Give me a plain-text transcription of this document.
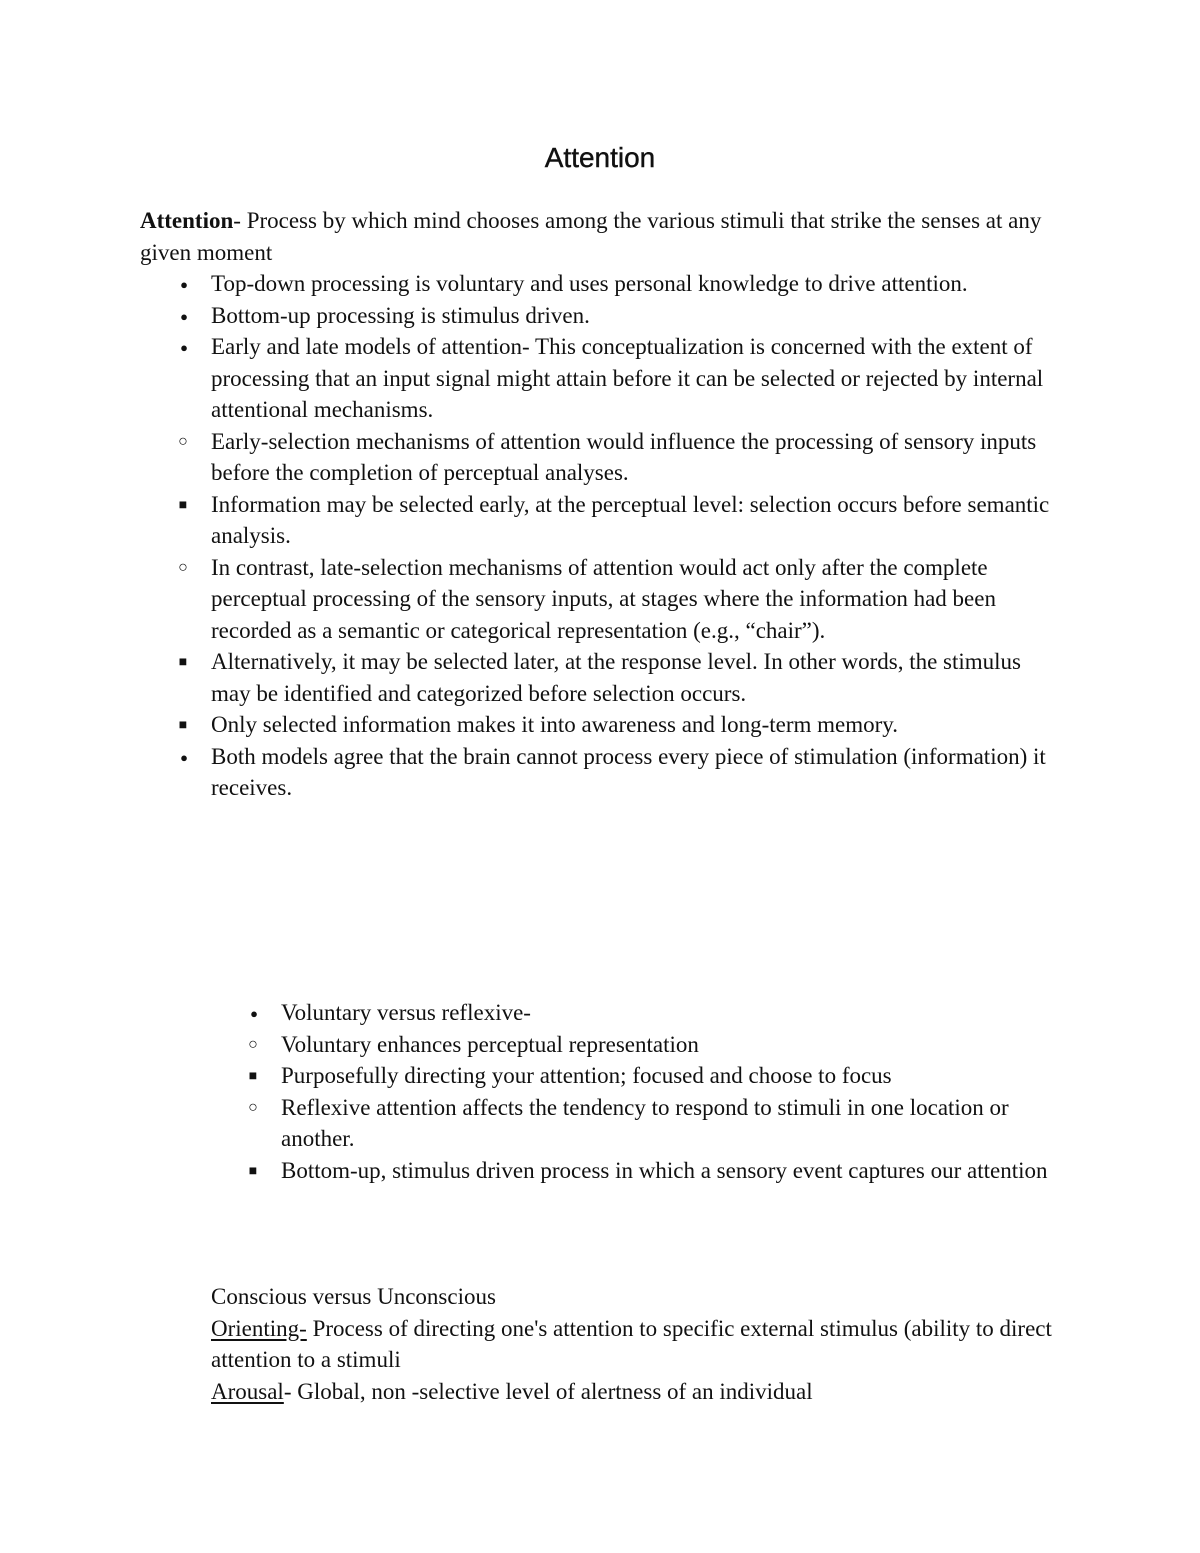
Attention

Attention- Process by which mind chooses among the various stimuli that strike the senses at any given moment

●	Top-down processing is voluntary and uses personal knowledge to drive attention.
●	Bottom-up processing is stimulus driven.
●	Early and late models of attention- This conceptualization is concerned with the extent of processing that an input signal might attain before it can be selected or rejected by internal attentional mechanisms.
○	Early-selection mechanisms of attention would influence the processing of sensory inputs before the completion of perceptual analyses.
■	Information may be selected early, at the perceptual level: selection occurs before semantic analysis.
○	In contrast, late-selection mechanisms of attention would act only after the complete perceptual processing of the sensory inputs, at stages where the information had been recorded as a semantic or categorical representation (e.g., “chair”).
■	Alternatively, it may be selected later, at the response level. In other words, the stimulus may be identified and categorized before selection occurs.
■	Only selected information makes it into awareness and long-term memory.
●	Both models agree that the brain cannot process every piece of stimulation (information) it receives.
●	Voluntary versus reflexive-
○	Voluntary enhances perceptual representation
■	Purposefully directing your attention; focused and choose to focus
○	Reflexive attention affects the tendency to respond to stimuli in one location or another.
■	Bottom-up, stimulus driven process in which a sensory event captures our attention

Conscious versus Unconscious

Orienting- Process of directing one's attention to specific external stimulus (ability to direct attention to a stimuli

Arousal- Global, non -selective level of alertness of an individual
